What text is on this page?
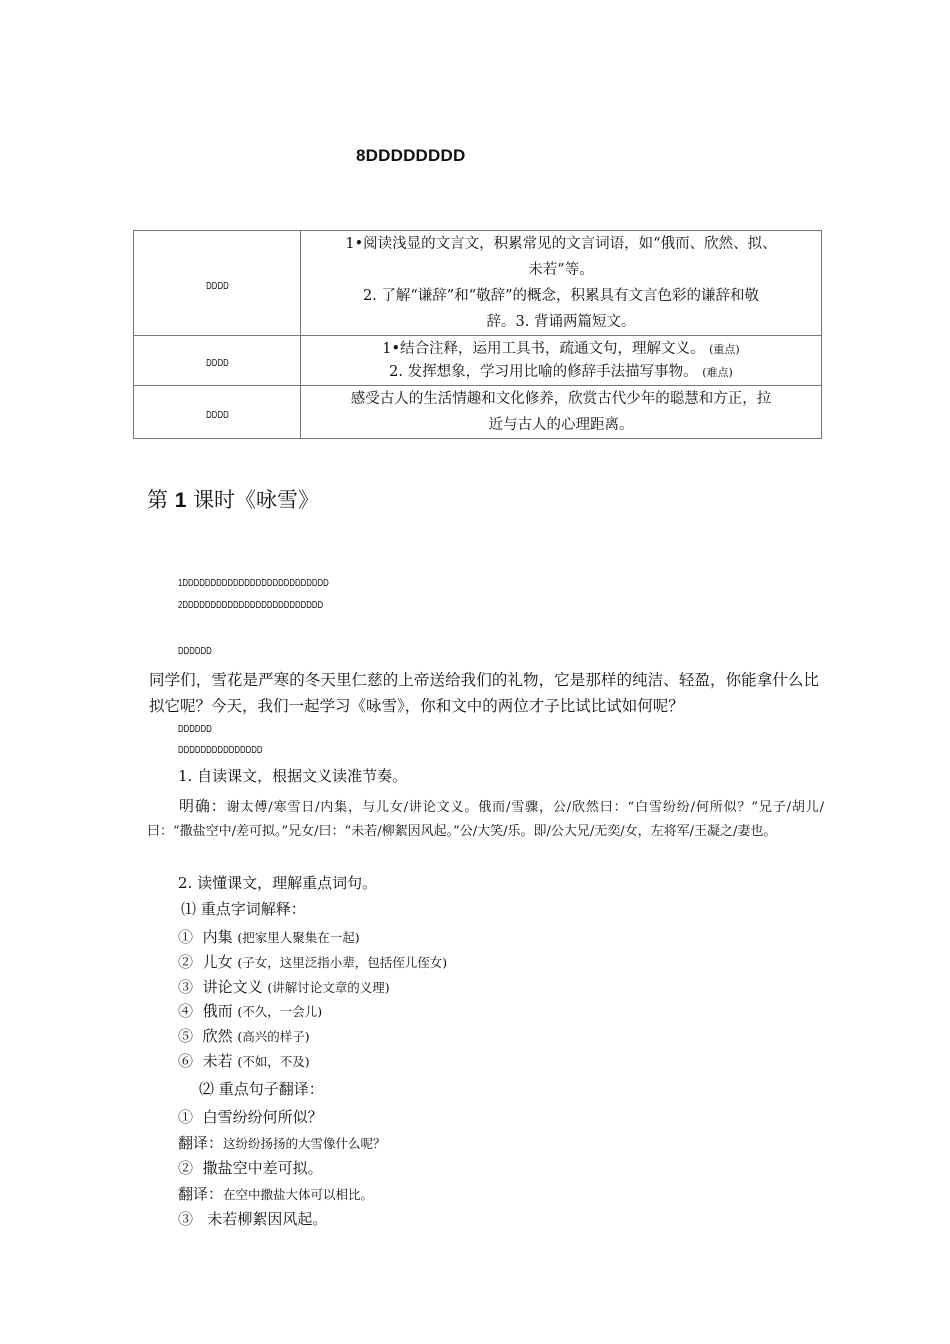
8DDDDDDDD
DDDD	1•阅读浅显的文言文，积累常见的文言词语，如“俄而、欣然、拟、
未若”等。
2. 了解“谦辞”和“敬辞”的概念，积累具有文言色彩的谦辞和敬
辞。3. 背诵两篇短文。

DDDD	1•结合注释，运用工具书，疏通文句，理解文义。 (重点)
2. 发挥想象，学习用比喻的修辞手法描写事物。 (难点)

DDDD	感受古人的生活情趣和文化修养，欣赏古代少年的聪慧和方正，拉
近与古人的心理距离。
第 1 课时《咏雪》
1DDDDDDDDDDDDDDDDDDDDDDDDDD
2DDDDDDDDDDDDDDDDDDDDDDDDD
DDDDDD
同学们，雪花是严寒的冬天里仁慈的上帝送给我们的礼物，它是那样的纯洁、轻盈，你能拿什么比拟它呢？今天，我们一起学习《咏雪》，你和文中的两位才子比试比试如何呢？
DDDDDD
DDDDDDDDDDDDDDD
1. 自读课文，根据文义读准节奏。
明确：谢太傅/寒雪日/内集，与儿女/讲论文义。俄而/雪骤，公/欣然曰：“白雪纷纷/何所似？”兄子/胡儿/曰：“撒盐空中/差可拟。”兄女/曰：“未若/柳絮因风起。”公/大笑/乐。即/公大兄/无奕/女，左将军/王凝之/妻也。
2. 读懂课文，理解重点词句。
⑴ 重点字词解释：
① 内集 (把家里人聚集在一起)
② 儿女 (子女，这里泛指小辈，包括侄儿侄女)
③ 讲论文义 (讲解讨论文章的义理)
④ 俄而 (不久，一会儿)
⑤ 欣然 (高兴的样子)
⑥ 未若 (不如，不及)
⑵ 重点句子翻译：
① 白雪纷纷何所似？
翻译：这纷纷扬扬的大雪像什么呢？
② 撒盐空中差可拟。
翻译：在空中撒盐大体可以相比。
③ 未若柳絮因风起。
